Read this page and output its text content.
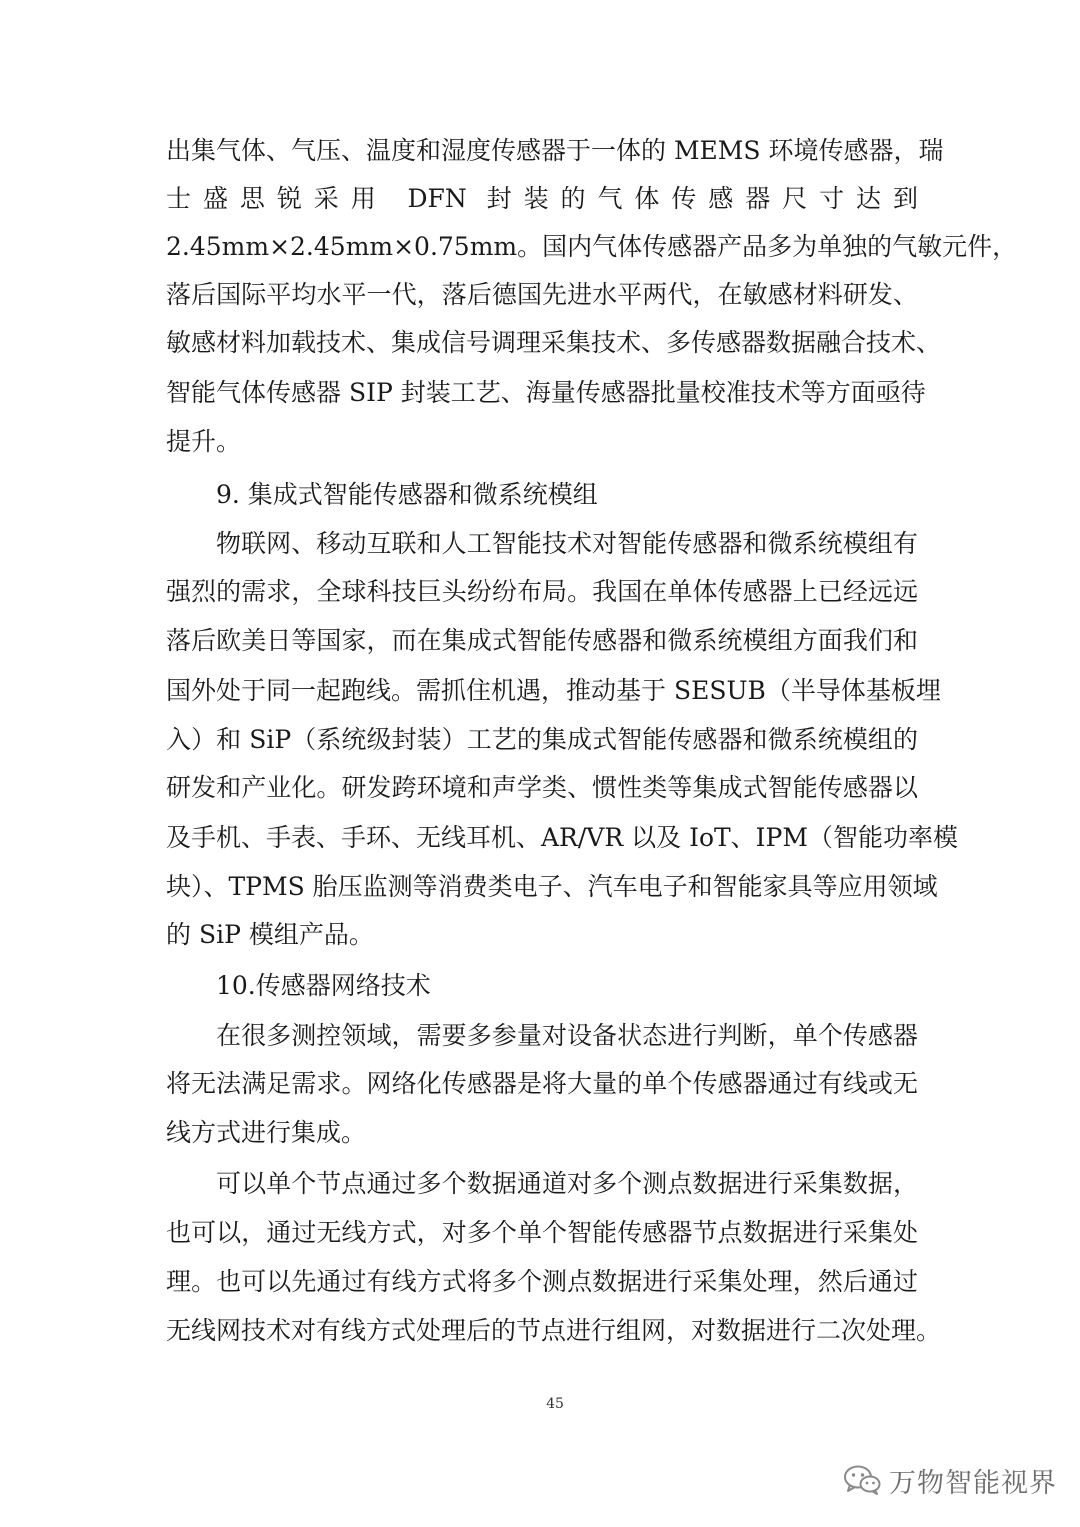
出集气体、气压、温度和湿度传感器于一体的 MEMS 环境传感器，瑞
士盛思锐采用 DFN 封装的气体传感器尺寸达到
2.45mm×2.45mm×0.75mm。国内气体传感器产品多为单独的气敏元件，
落后国际平均水平一代，落后德国先进水平两代，在敏感材料研发、
敏感材料加载技术、集成信号调理采集技术、多传感器数据融合技术、
智能气体传感器 SIP 封装工艺、海量传感器批量校准技术等方面亟待
提升。
9. 集成式智能传感器和微系统模组
物联网、移动互联和人工智能技术对智能传感器和微系统模组有
强烈的需求，全球科技巨头纷纷布局。我国在单体传感器上已经远远
落后欧美日等国家，而在集成式智能传感器和微系统模组方面我们和
国外处于同一起跑线。需抓住机遇，推动基于 SESUB（半导体基板埋
入）和 SiP（系统级封装）工艺的集成式智能传感器和微系统模组的
研发和产业化。研发跨环境和声学类、惯性类等集成式智能传感器以
及手机、手表、手环、无线耳机、AR/VR 以及 IoT、IPM（智能功率模
块）、TPMS 胎压监测等消费类电子、汽车电子和智能家具等应用领域
的 SiP 模组产品。
10.传感器网络技术
在很多测控领域，需要多参量对设备状态进行判断，单个传感器
将无法满足需求。网络化传感器是将大量的单个传感器通过有线或无
线方式进行集成。
可以单个节点通过多个数据通道对多个测点数据进行采集数据，
也可以，通过无线方式，对多个单个智能传感器节点数据进行采集处
理。也可以先通过有线方式将多个测点数据进行采集处理，然后通过
无线网技术对有线方式处理后的节点进行组网，对数据进行二次处理。
45
万物智能视界
